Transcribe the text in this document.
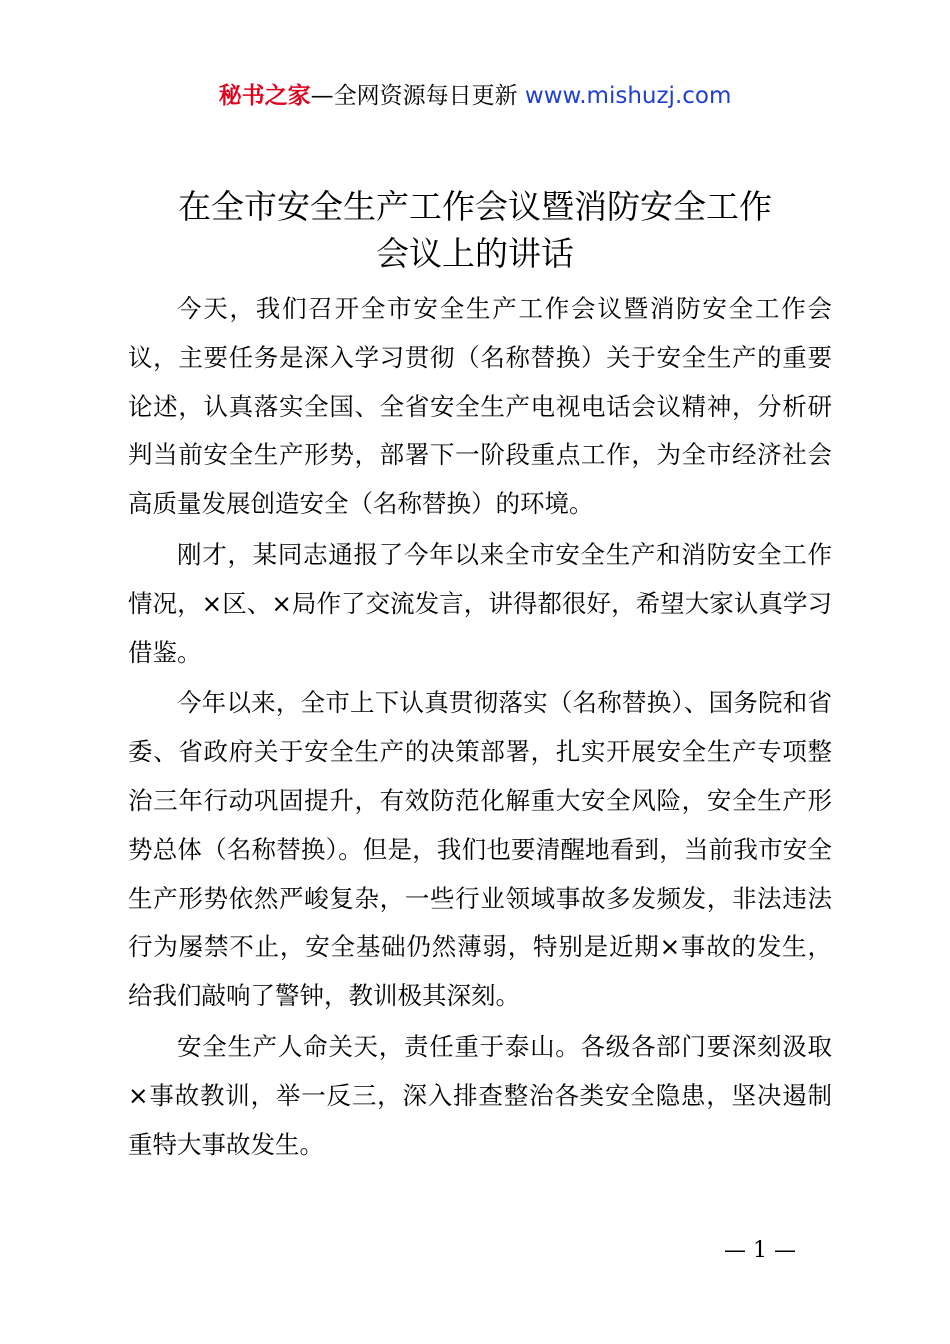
秘书之家—全网资源每日更新 www.mishuzj.com
在全市安全生产工作会议暨消防安全工作
会议上的讲话

今天，我们召开全市安全生产工作会议暨消防安全工作会议，主要任务是深入学习贯彻（名称替换）关于安全生产的重要论述，认真落实全国、全省安全生产电视电话会议精神，分析研判当前安全生产形势，部署下一阶段重点工作，为全市经济社会高质量发展创造安全（名称替换）的环境。

刚才，某同志通报了今年以来全市安全生产和消防安全工作情况，×区、×局作了交流发言，讲得都很好，希望大家认真学习借鉴。

今年以来，全市上下认真贯彻落实（名称替换）、国务院和省委、省政府关于安全生产的决策部署，扎实开展安全生产专项整治三年行动巩固提升，有效防范化解重大安全风险，安全生产形势总体（名称替换）。但是，我们也要清醒地看到，当前我市安全生产形势依然严峻复杂，一些行业领域事故多发频发，非法违法行为屡禁不止，安全基础仍然薄弱，特别是近期×事故的发生，给我们敲响了警钟，教训极其深刻。

安全生产人命关天，责任重于泰山。各级各部门要深刻汲取×事故教训，举一反三，深入排查整治各类安全隐患，坚决遏制重特大事故发生。

— 1 —
